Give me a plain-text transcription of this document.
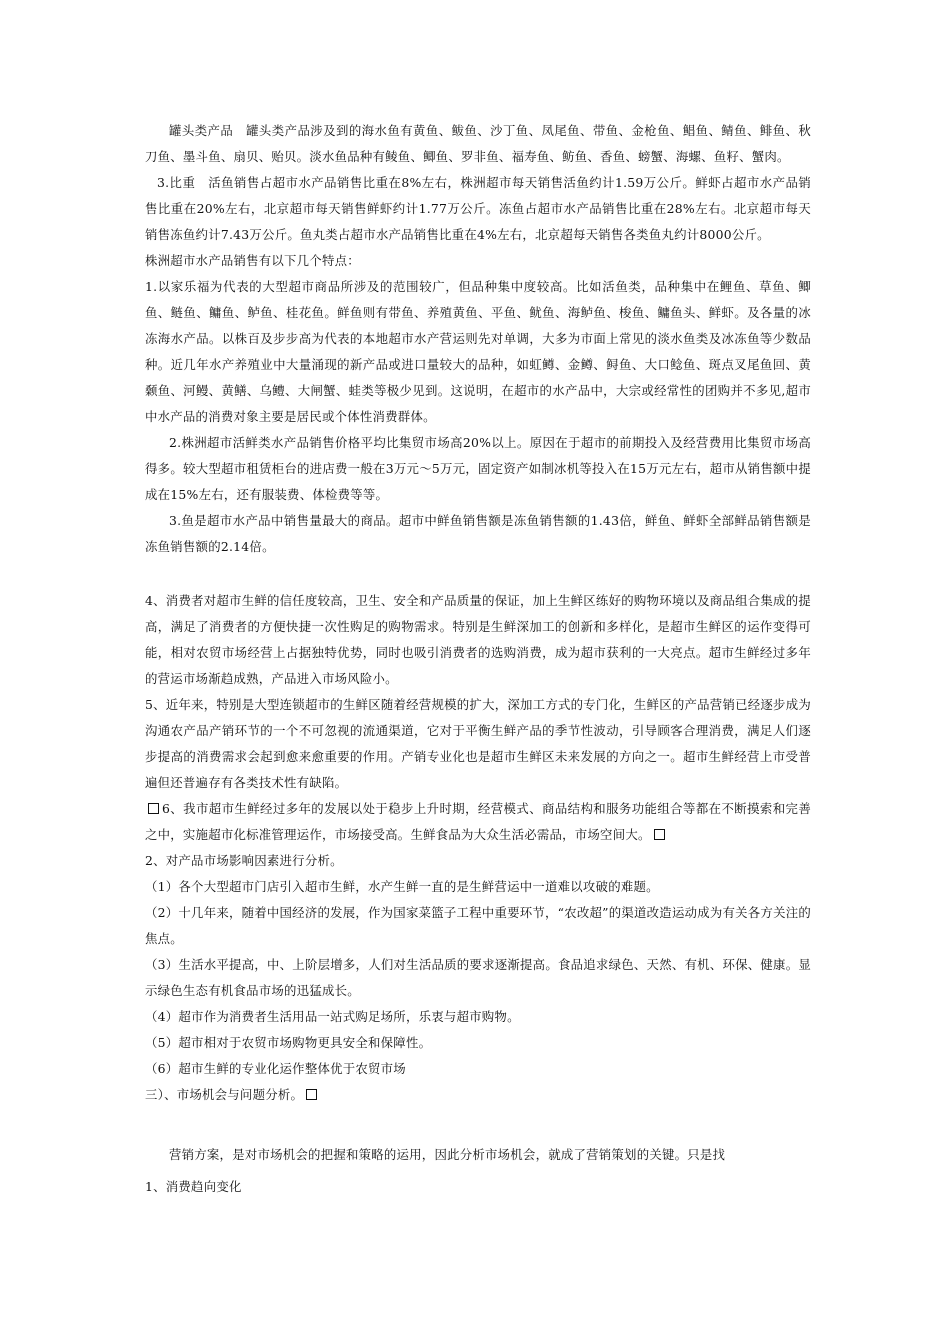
罐头类产品　罐头类产品涉及到的海水鱼有黄鱼、鲅鱼、沙丁鱼、凤尾鱼、带鱼、金枪鱼、鲳鱼、鲭鱼、鲱鱼、秋刀鱼、墨斗鱼、扇贝、贻贝。淡水鱼品种有鲮鱼、鲫鱼、罗非鱼、福寿鱼、鲂鱼、香鱼、螃蟹、海螺、鱼籽、蟹肉。

3.比重　活鱼销售占超市水产品销售比重在8%左右，株洲超市每天销售活鱼约计1.59万公斤。鲜虾占超市水产品销售比重在20%左右，北京超市每天销售鲜虾约计1.77万公斤。冻鱼占超市水产品销售比重在28%左右。北京超市每天销售冻鱼约计7.43万公斤。鱼丸类占超市水产品销售比重在4%左右，北京超每天销售各类鱼丸约计8000公斤。

株洲超市水产品销售有以下几个特点：

1.以家乐福为代表的大型超市商品所涉及的范围较广，但品种集中度较高。比如活鱼类，品种集中在鲤鱼、草鱼、鲫鱼、鲢鱼、鳙鱼、鲈鱼、桂花鱼。鲜鱼则有带鱼、养殖黄鱼、平鱼、鱿鱼、海鲈鱼、梭鱼、鳙鱼头、鲜虾。及各量的冰冻海水产品。以株百及步步高为代表的本地超市水产营运则先对单调，大多为市面上常见的淡水鱼类及冰冻鱼等少数品种。近几年水产养殖业中大量涌现的新产品或进口量较大的品种，如虹鳟、金鳟、鲟鱼、大口鲶鱼、斑点叉尾鱼回、黄颡鱼、河鳗、黄鳝、乌鳢、大闸蟹、蛙类等极少见到。这说明，在超市的水产品中，大宗或经常性的团购并不多见,超市中水产品的消费对象主要是居民或个体性消费群体。

2.株洲超市活鲜类水产品销售价格平均比集贸市场高20%以上。原因在于超市的前期投入及经营费用比集贸市场高得多。较大型超市租赁柜台的进店费一般在3万元～5万元，固定资产如制冰机等投入在15万元左右，超市从销售额中提成在15%左右，还有服装费、体检费等等。

3.鱼是超市水产品中销售量最大的商品。超市中鲜鱼销售额是冻鱼销售额的1.43倍，鲜鱼、鲜虾全部鲜品销售额是冻鱼销售额的2.14倍。

4、消费者对超市生鲜的信任度较高，卫生、安全和产品质量的保证，加上生鲜区练好的购物环境以及商品组合集成的提高，满足了消费者的方便快捷一次性购足的购物需求。特别是生鲜深加工的创新和多样化，是超市生鲜区的运作变得可能，相对农贸市场经营上占据独特优势，同时也吸引消费者的选购消费，成为超市获利的一大亮点。超市生鲜经过多年的营运市场渐趋成熟，产品进入市场风险小。

5、近年来，特别是大型连锁超市的生鲜区随着经营规模的扩大，深加工方式的专门化，生鲜区的产品营销已经逐步成为沟通农产品产销环节的一个不可忽视的流通渠道，它对于平衡生鲜产品的季节性波动，引导顾客合理消费，满足人们逐步提高的消费需求会起到愈来愈重要的作用。产销专业化也是超市生鲜区未来发展的方向之一。超市生鲜经营上市受普遍但还普遍存有各类技术性有缺陷。

6、我市超市生鲜经过多年的发展以处于稳步上升时期，经营模式、商品结构和服务功能组合等都在不断摸索和完善之中，实施超市化标准管理运作，市场接受高。生鲜食品为大众生活必需品，市场空间大。

2、对产品市场影响因素进行分析。

（1）各个大型超市门店引入超市生鲜，水产生鲜一直的是生鲜营运中一道难以攻破的难题。

（2）十几年来，随着中国经济的发展，作为国家菜篮子工程中重要环节，“农改超”的渠道改造运动成为有关各方关注的焦点。

（3）生活水平提高，中、上阶层增多，人们对生活品质的要求逐渐提高。食品追求绿色、天然、有机、环保、健康。显示绿色生态有机食品市场的迅猛成长。

（4）超市作为消费者生活用品一站式购足场所，乐衷与超市购物。

（5）超市相对于农贸市场购物更具安全和保障性。

（6）超市生鲜的专业化运作整体优于农贸市场

三）、市场机会与问题分析。

营销方案，是对市场机会的把握和策略的运用，因此分析市场机会，就成了营销策划的关键。只是找

1、消费趋向变化
